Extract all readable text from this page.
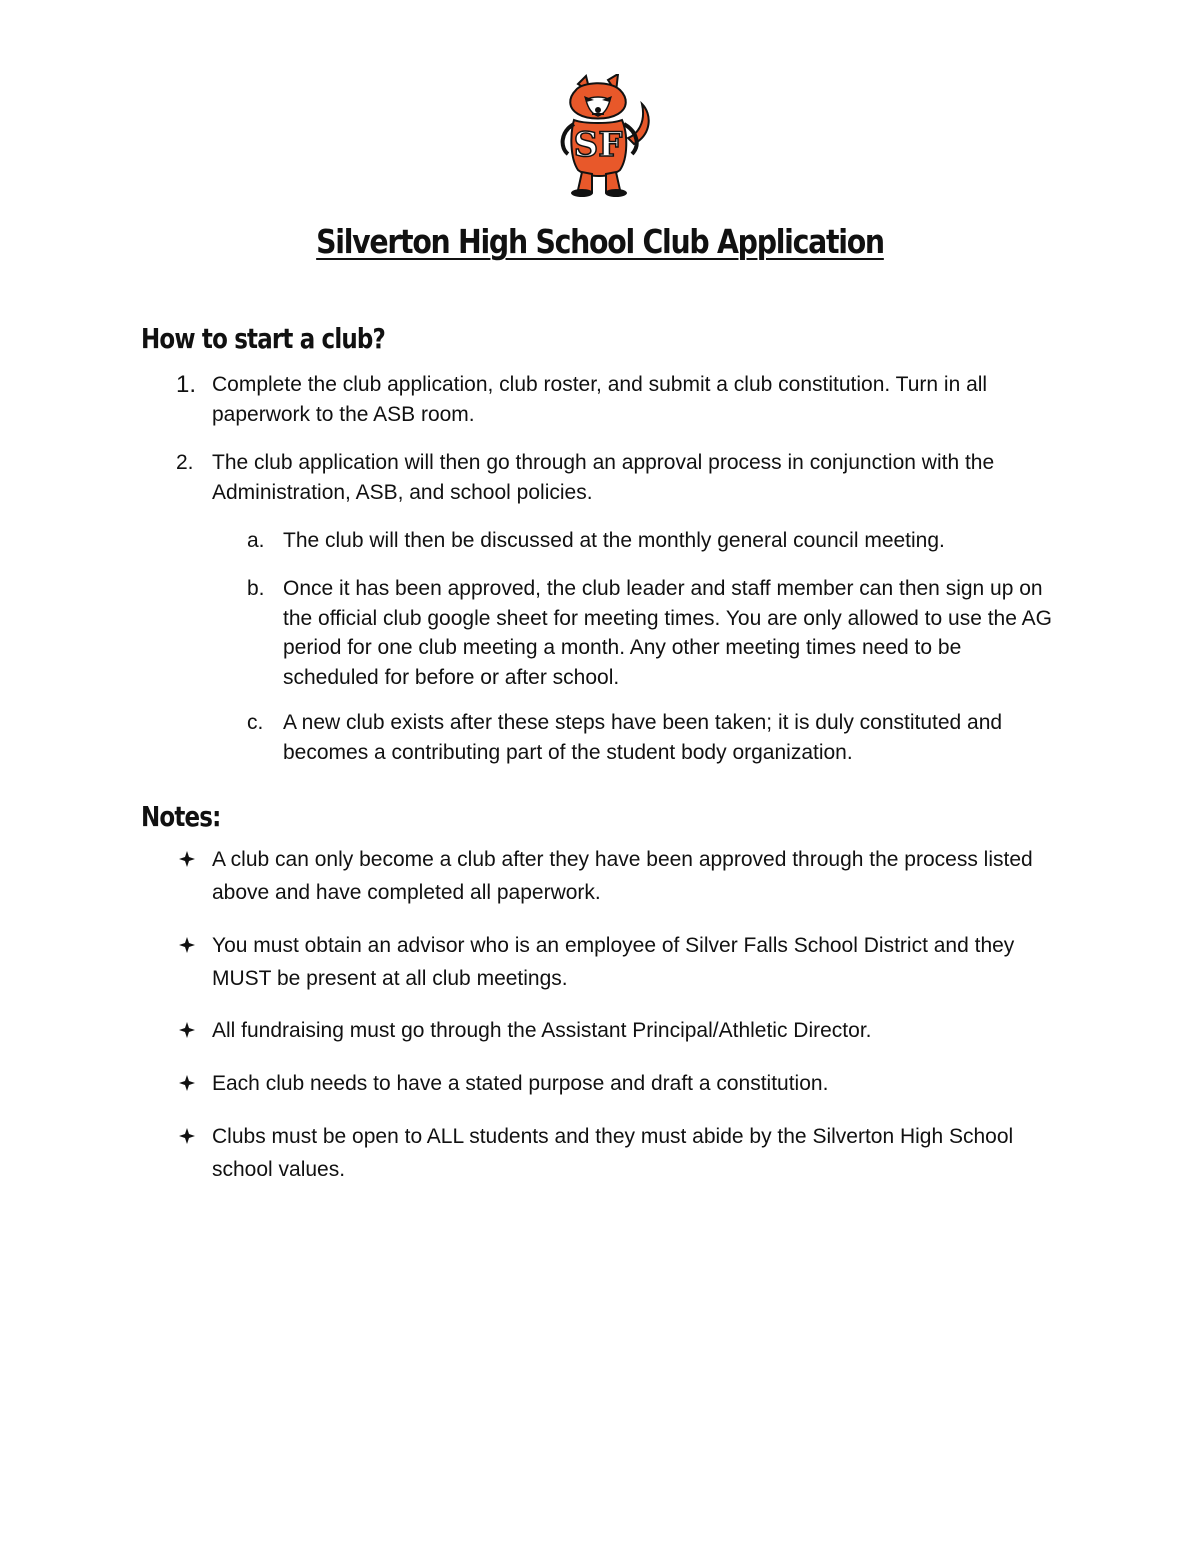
SF
Silverton High School Club Application
How to start a club?
1. Complete the club application, club roster, and submit a club constitution. Turn in all paperwork to the ASB room.
2. The club application will then go through an approval process in conjunction with the Administration, ASB, and school policies.
a. The club will then be discussed at the monthly general council meeting.
b. Once it has been approved, the club leader and staff member can then sign up on the official club google sheet for meeting times. You are only allowed to use the AG period for one club meeting a month. Any other meeting times need to be scheduled for before or after school.
c. A new club exists after these steps have been taken; it is duly constituted and becomes a contributing part of the student body organization.
Notes:
A club can only become a club after they have been approved through the process listed above and have completed all paperwork.
You must obtain an advisor who is an employee of Silver Falls School District and they MUST be present at all club meetings.
All fundraising must go through the Assistant Principal/Athletic Director.
Each club needs to have a stated purpose and draft a constitution.
Clubs must be open to ALL students and they must abide by the Silverton High School school values.
